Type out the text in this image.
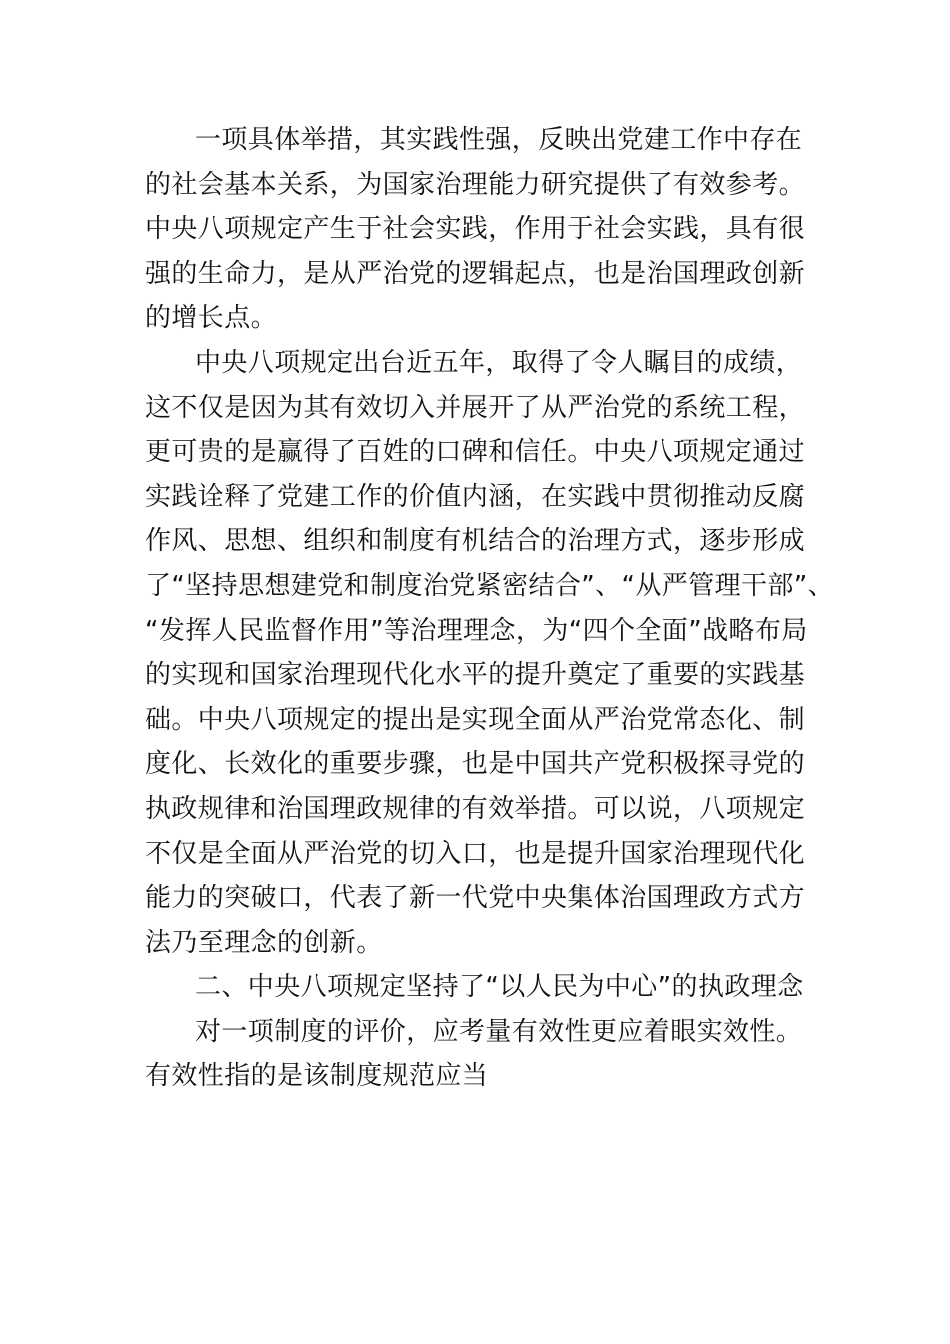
一项具体举措，其实践性强，反映出党建工作中存在
的社会基本关系，为国家治理能力研究提供了有效参考。
中央八项规定产生于社会实践，作用于社会实践，具有很
强的生命力，是从严治党的逻辑起点，也是治国理政创新
的增长点。
中央八项规定出台近五年，取得了令人瞩目的成绩，
这不仅是因为其有效切入并展开了从严治党的系统工程，
更可贵的是赢得了百姓的口碑和信任。中央八项规定通过
实践诠释了党建工作的价值内涵，在实践中贯彻推动反腐
作风、思想、组织和制度有机结合的治理方式，逐步形成
了“坚持思想建党和制度治党紧密结合”、“从严管理干部”、
“发挥人民监督作用”等治理理念，为“四个全面”战略布局
的实现和国家治理现代化水平的提升奠定了重要的实践基
础。中央八项规定的提出是实现全面从严治党常态化、制
度化、长效化的重要步骤，也是中国共产党积极探寻党的
执政规律和治国理政规律的有效举措。可以说，八项规定
不仅是全面从严治党的切入口，也是提升国家治理现代化
能力的突破口，代表了新一代党中央集体治国理政方式方
法乃至理念的创新。
二、中央八项规定坚持了“以人民为中心”的执政理念
对一项制度的评价，应考量有效性更应着眼实效性。
有效性指的是该制度规范应当
